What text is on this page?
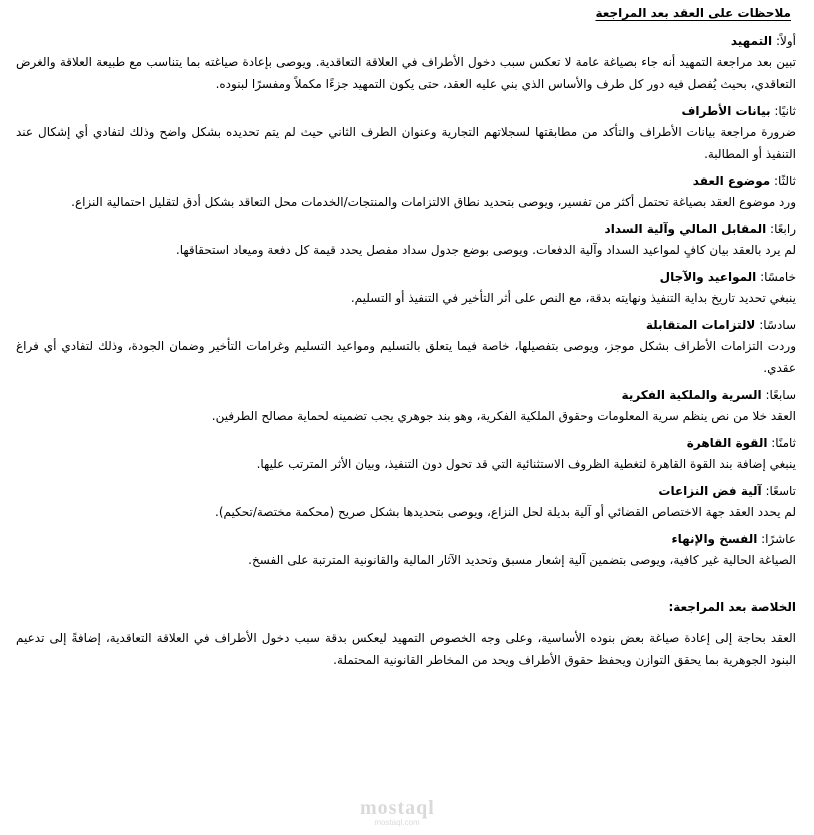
ملاحظات على العقد بعد المراجعة
أولاً: التمهيد
تبين بعد مراجعة التمهيد أنه جاء بصياغة عامة لا تعكس سبب دخول الأطراف في العلاقة التعاقدية. ويوصى بإعادة صياغته بما يتناسب مع طبيعة العلاقة والغرض التعاقدي، بحيث يُفصل فيه دور كل طرف والأساس الذي بني عليه العقد، حتى يكون التمهيد جزءًا مكملاً ومفسرًا لبنوده.
ثانيًا: بيانات الأطراف
ضرورة مراجعة بيانات الأطراف والتأكد من مطابقتها لسجلاتهم التجارية وعنوان الطرف الثاني حيث لم يتم تحديده بشكل واضح وذلك لتفادي أي إشكال عند التنفيذ أو المطالبة.
ثالثًا: موضوع العقد
ورد موضوع العقد بصياغة تحتمل أكثر من تفسير، ويوصى بتحديد نطاق الالتزامات والمنتجات/الخدمات محل التعاقد بشكل أدق لتقليل احتمالية النزاع.
رابعًا: المقابل المالي وآلية السداد
لم يرد بالعقد بيان كافٍ لمواعيد السداد وآلية الدفعات. ويوصى بوضع جدول سداد مفصل يحدد قيمة كل دفعة وميعاد استحقاقها.
خامسًا: المواعيد والآجال
ينبغي تحديد تاريخ بداية التنفيذ ونهايته بدقة، مع النص على أثر التأخير في التنفيذ أو التسليم.
سادسًا: لالتزامات المتقابلة
وردت التزامات الأطراف بشكل موجز، ويوصى بتفصيلها، خاصة فيما يتعلق بالتسليم ومواعيد التسليم وغرامات التأخير وضمان الجودة، وذلك لتفادي أي فراغ عقدي.
سابعًا: السرية والملكية الفكرية
العقد خلا من نص ينظم سرية المعلومات وحقوق الملكية الفكرية، وهو بند جوهري يجب تضمينه لحماية مصالح الطرفين.
ثامنًا: القوة القاهرة
ينبغي إضافة بند القوة القاهرة لتغطية الظروف الاستثنائية التي قد تحول دون التنفيذ، وبيان الأثر المترتب عليها.
تاسعًا: آلية فض النزاعات
لم يحدد العقد جهة الاختصاص القضائي أو آلية بديلة لحل النزاع، ويوصى بتحديدها بشكل صريح (محكمة مختصة/تحكيم).
عاشرًا: الفسخ والإنهاء
الصياغة الحالية غير كافية، ويوصى بتضمين آلية إشعار مسبق وتحديد الآثار المالية والقانونية المترتبة على الفسخ.
الخلاصة بعد المراجعة:
العقد بحاجة إلى إعادة صياغة بعض بنوده الأساسية، وعلى وجه الخصوص التمهيد ليعكس بدقة سبب دخول الأطراف في العلاقة التعاقدية، إضافةً إلى تدعيم البنود الجوهرية بما يحقق التوازن ويحفظ حقوق الأطراف ويحد من المخاطر القانونية المحتملة.
mostaql
mostaql.com
